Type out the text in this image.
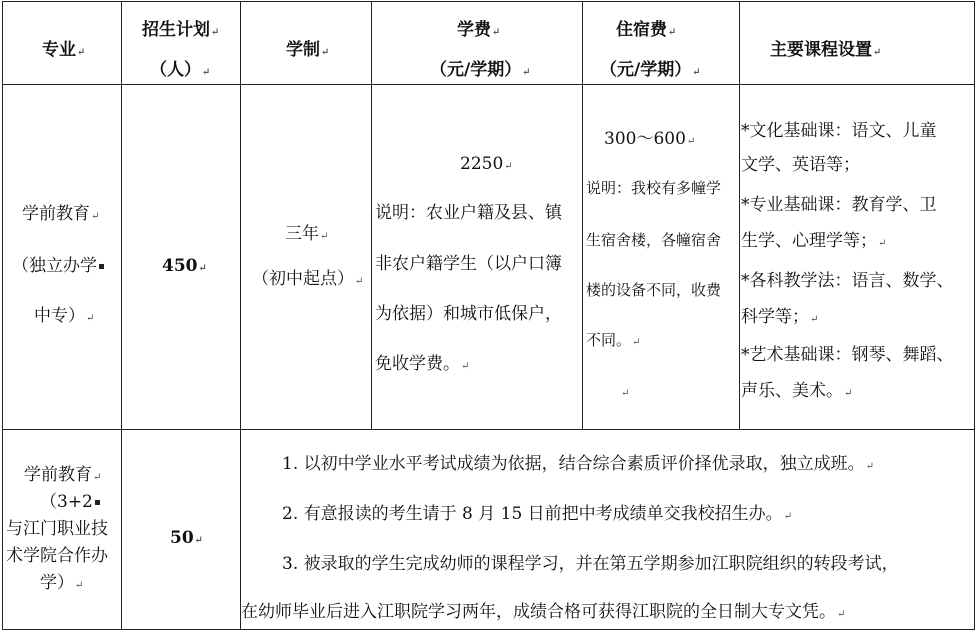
专业↵
招生计划↵
（人）↵
学制↵
学费↵
（元/学期）↵
住宿费↵
（元/学期）↵
主要课程设置↵
学前教育↵
（独立办学
中专）↵
450↵
三年↵
（初中起点）↵
2250↵
说明：农业户籍及县、镇
非农户籍学生（以户口簿
为依据）和城市低保户，
免收学费。↵
300～600↵
说明：我校有多幢学
生宿舍楼，各幢宿舍
楼的设备不同，收费
不同。↵
↵
*文化基础课：语文、儿童
文学、英语等；
*专业基础课：教育学、卫
生学、心理学等；↵
*各科教学法：语言、数学、
科学等；↵
*艺术基础课：钢琴、舞蹈、
声乐、美术。↵
学前教育↵
（3+2
与江门职业技
术学院合作办
学）↵
50↵
1. 以初中学业水平考试成绩为依据，结合综合素质评价择优录取，独立成班。↵
2. 有意报读的考生请于 8 月 15 日前把中考成绩单交我校招生办。↵
3. 被录取的学生完成幼师的课程学习，并在第五学期参加江职院组织的转段考试，
在幼师毕业后进入江职院学习两年，成绩合格可获得江职院的全日制大专文凭。↵
